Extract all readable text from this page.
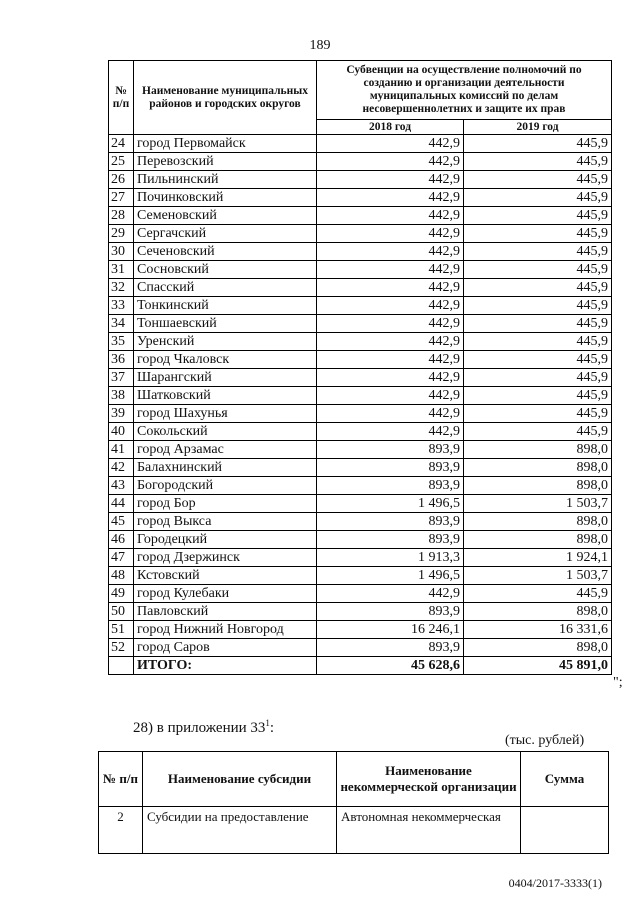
189
№ п/п	Наименование муниципальных районов и городских округов	Субвенции на осуществление полномочий по созданию и организации деятельности муниципальных комиссий по делам несовершеннолетних и защите их прав	
		2018 год	2019 год
24	город Первомайск	442,9	445,9
25	Перевозский	442,9	445,9
26	Пильнинский	442,9	445,9
27	Починковский	442,9	445,9
28	Семеновский	442,9	445,9
29	Сергачский	442,9	445,9
30	Сеченовский	442,9	445,9
31	Сосновский	442,9	445,9
32	Спасский	442,9	445,9
33	Тонкинский	442,9	445,9
34	Тоншаевский	442,9	445,9
35	Уренский	442,9	445,9
36	город Чкаловск	442,9	445,9
37	Шарангский	442,9	445,9
38	Шатковский	442,9	445,9
39	город Шахунья	442,9	445,9
40	Сокольский	442,9	445,9
41	город Арзамас	893,9	898,0
42	Балахнинский	893,9	898,0
43	Богородский	893,9	898,0
44	город Бор	1 496,5	1 503,7
45	город Выкса	893,9	898,0
46	Городецкий	893,9	898,0
47	город Дзержинск	1 913,3	1 924,1
48	Кстовский	1 496,5	1 503,7
49	город Кулебаки	442,9	445,9
50	Павловский	893,9	898,0
51	город Нижний Новгород	16 246,1	16 331,6
52	город Саров	893,9	898,0
	ИТОГО:	45 628,6	45 891,0
";
28) в приложении $33^1$:
(тыс. рублей)
№ п/п	Наименование субсидии	Наименование некоммерческой организации	Сумма
2	Субсидии на предоставление	Автономная некоммерческая	
0404/2017-3333(1)
